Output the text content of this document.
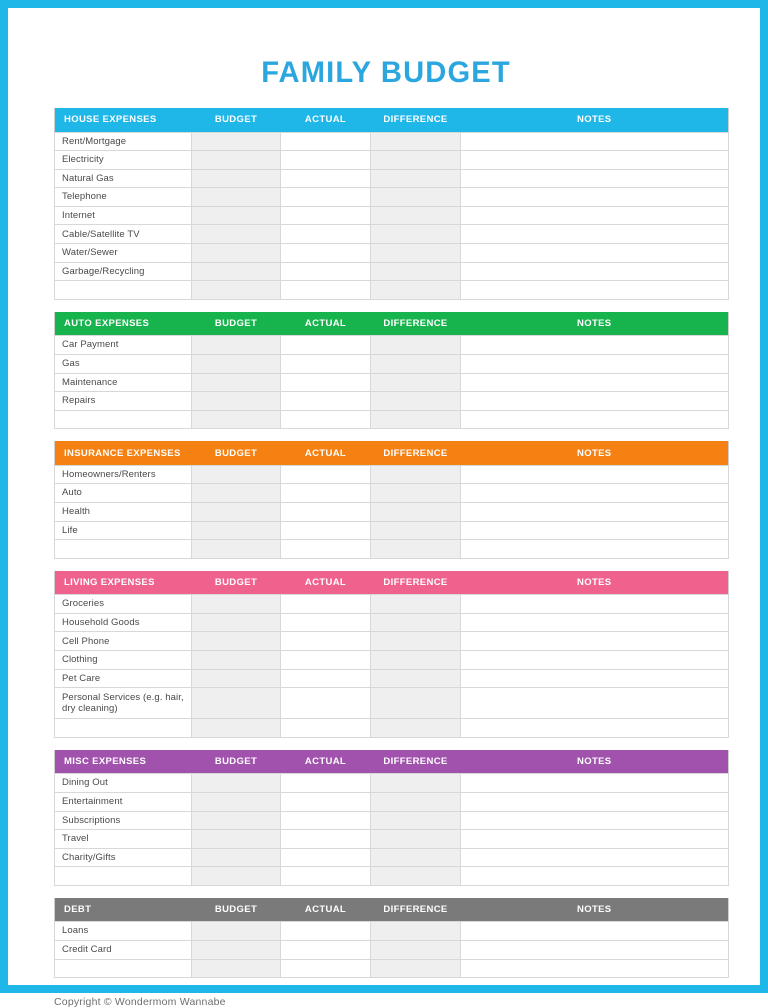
FAMILY BUDGET
HOUSE EXPENSES	BUDGET	ACTUAL	DIFFERENCE	NOTES
Rent/Mortgage				
Electricity				
Natural Gas				
Telephone				
Internet				
Cable/Satellite TV				
Water/Sewer				
Garbage/Recycling				

AUTO EXPENSES	BUDGET	ACTUAL	DIFFERENCE	NOTES
Car Payment				
Gas				
Maintenance				
Repairs				

INSURANCE EXPENSES	BUDGET	ACTUAL	DIFFERENCE	NOTES
Homeowners/Renters				
Auto				
Health				
Life				

LIVING EXPENSES	BUDGET	ACTUAL	DIFFERENCE	NOTES
Groceries				
Household Goods				
Cell Phone				
Clothing				
Pet Care				
Personal Services (e.g. hair, dry cleaning)				

MISC EXPENSES	BUDGET	ACTUAL	DIFFERENCE	NOTES
Dining Out				
Entertainment				
Subscriptions				
Travel				
Charity/Gifts				

DEBT	BUDGET	ACTUAL	DIFFERENCE	NOTES
Loans				
Credit Card				

Copyright © Wondermom Wannabe
